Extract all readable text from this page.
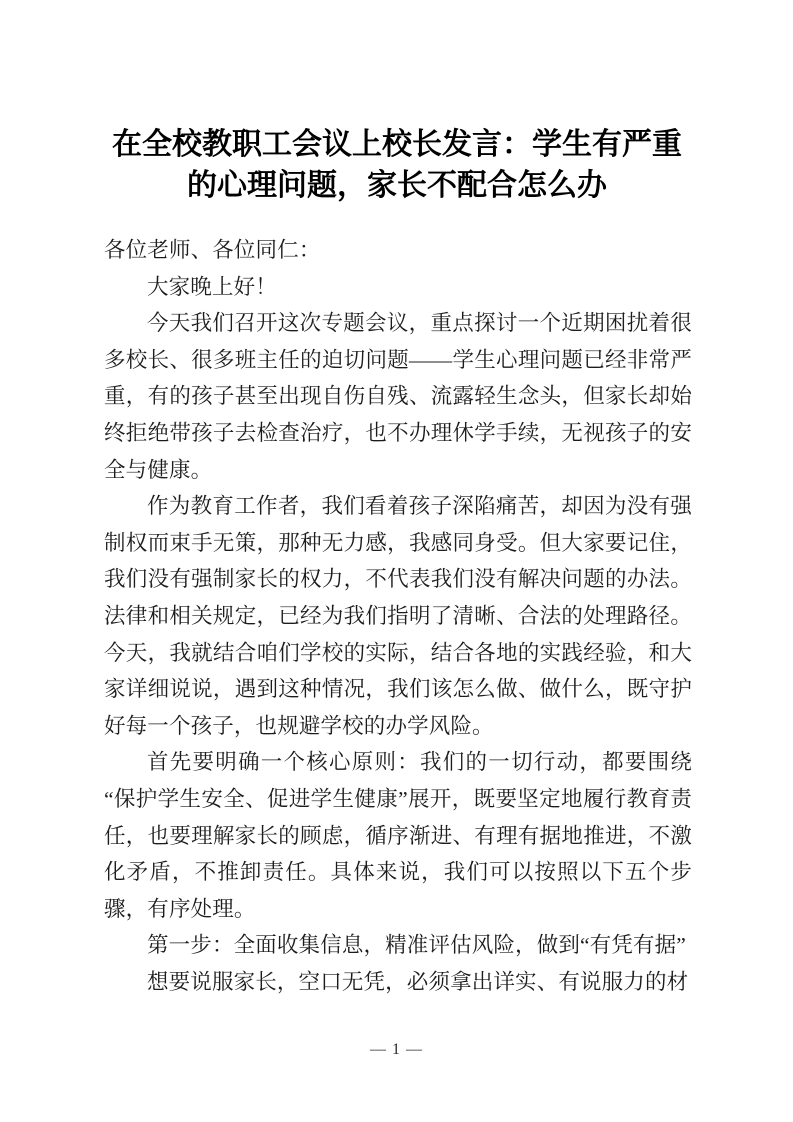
在全校教职工会议上校长发言：学生有严重的心理问题，家长不配合怎么办

各位老师、各位同仁：

大家晚上好！

今天我们召开这次专题会议，重点探讨一个近期困扰着很多校长、很多班主任的迫切问题——学生心理问题已经非常严重，有的孩子甚至出现自伤自残、流露轻生念头，但家长却始终拒绝带孩子去检查治疗，也不办理休学手续，无视孩子的安全与健康。

作为教育工作者，我们看着孩子深陷痛苦，却因为没有强制权而束手无策，那种无力感，我感同身受。但大家要记住，我们没有强制家长的权力，不代表我们没有解决问题的办法。法律和相关规定，已经为我们指明了清晰、合法的处理路径。今天，我就结合咱们学校的实际，结合各地的实践经验，和大家详细说说，遇到这种情况，我们该怎么做、做什么，既守护好每一个孩子，也规避学校的办学风险。

首先要明确一个核心原则：我们的一切行动，都要围绕“保护学生安全、促进学生健康”展开，既要坚定地履行教育责任，也要理解家长的顾虑，循序渐进、有理有据地推进，不激化矛盾，不推卸责任。具体来说，我们可以按照以下五个步骤，有序处理。

第一步：全面收集信息，精准评估风险，做到“有凭有据”

想要说服家长，空口无凭，必须拿出详实、有说服力的材

— 1 —
